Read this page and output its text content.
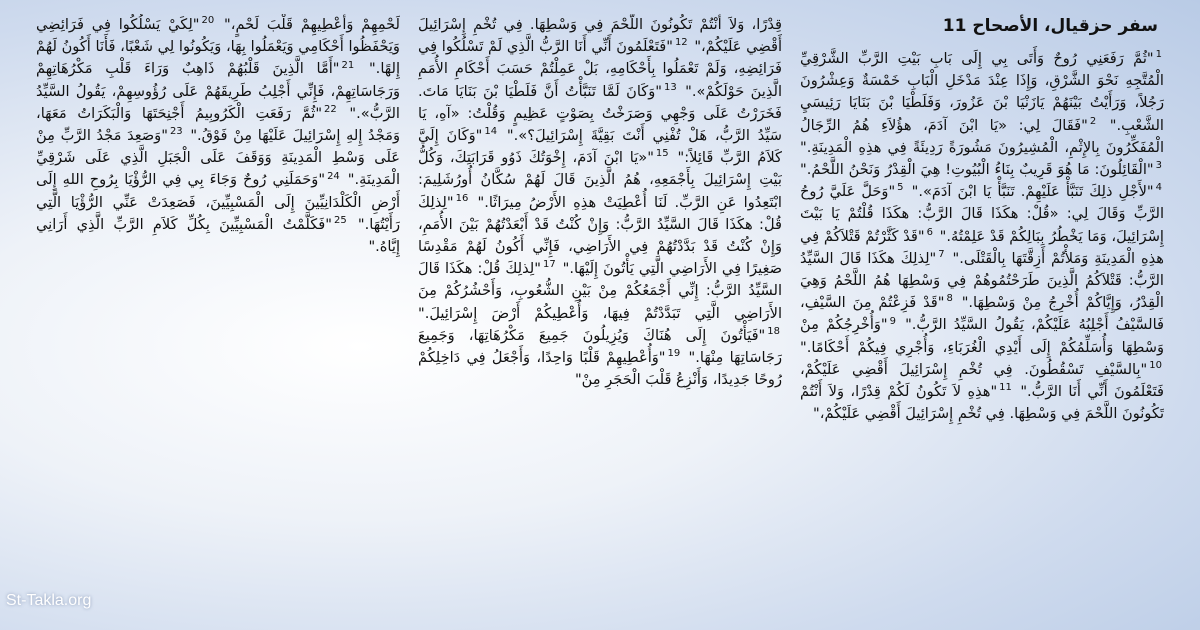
لَحْمِهِمْ وَأُعْطِيهِمْ قَلْبَ لَحْمٍ،" $^{20}$"لِكَيْ يَسْلُكُوا فِي فَرَائِضِي وَيَحْفَظُوا أَحْكَامِي وَيَعْمَلُوا بِهَا، وَيَكُونُوا لِي شَعْبًا، فَأَنَا أَكُونُ لَهُمْ إِلهًا." $^{21}$"أَمَّا الَّذِينَ قَلْبُهُمْ ذَاهِبٌ وَرَاءَ قَلْبِ مَكْرُهَاتِهِمْ وَرَجَاسَاتِهِمْ، فَإِنِّي أَجْلِبُ طَرِيقَهُمْ عَلَى رُؤُوسِهِمْ، يَقُولُ السَّيِّدُ الرَّبُّ»." $^{22}$"ثُمَّ رَفَعَتِ الْكَرُوبِيمُ أَجْنِحَتَهَا وَالْبَكَرَاتُ مَعَهَا، وَمَجْدُ إِلهِ إِسْرَائِيلَ عَلَيْهَا مِنْ فَوْقُ." $^{23}$"وَصَعِدَ مَجْدُ الرَّبِّ مِنْ عَلَى وَسْطِ الْمَدِينَةِ وَوَقَفَ عَلَى الْجَبَلِ الَّذِي عَلَى شَرْقِيِّ الْمَدِينَةِ." $^{24}$"وَحَمَلَنِي رُوحٌ وَجَاءَ بِي فِي الرُّؤْيَا بِرُوحِ اللهِ إِلَى أَرْضِ الْكَلْدَانِيِّينَ إِلَى الْمَسْبِيِّينَ، فَصَعِدَتْ عَنِّي الرُّؤْيَا الَّتِي رَأَيْتُهَا." $^{25}$"فَكَلَّمْتُ الْمَسْبِيِّينَ بِكُلِّ كَلاَمِ الرَّبِّ الَّذِي أَرَانِي إِيَّاهُ."
قِدْرًا، وَلاَ أَنْتُمْ تَكُونُونَ اللَّحْمَ فِي وَسْطِهَا. فِي تُخْمِ إِسْرَائِيلَ أَقْضِي عَلَيْكُمْ،" $^{12}$"فَتَعْلَمُونَ أَنِّي أَنَا الرَّبُّ الَّذِي لَمْ تَسْلُكُوا فِي فَرَائِضِهِ، وَلَمْ تَعْمَلُوا بِأَحْكَامِهِ، بَلْ عَمِلْتُمْ حَسَبَ أَحْكَامِ الأُمَمِ الَّذِينَ حَوْلَكُمْ»." $^{13}$"وَكَانَ لَمَّا تَنَبَّأْتُ أَنَّ فَلَطْيَا بْنَ بَنَايَا مَاتَ. فَخَرَرْتُ عَلَى وَجْهِي وَصَرَخْتُ بِصَوْتٍ عَظِيمٍ وَقُلْتُ: «آهِ، يَا سَيِّدُ الرَّبُّ، هَلْ تُفْنِي أَنْتَ بَقِيَّةَ إِسْرَائِيلَ؟»." $^{14}$"وَكَانَ إِلَيَّ كَلاَمُ الرَّبِّ قَائِلاً:" $^{15}$"«يَا ابْنَ آدَمَ، إِخْوَتُكَ ذَوُو قَرَابَتِكَ، وَكُلُّ بَيْتِ إِسْرَائِيلَ بِأَجْمَعِهِ، هُمُ الَّذِينَ قَالَ لَهُمْ سُكَّانُ أُورُشَلِيمَ: ابْتَعِدُوا عَنِ الرَّبِّ. لَنَا أُعْطِيَتْ هذِهِ الأَرْضُ مِيرَاثًا." $^{16}$"لِذلِكَ قُلْ: هكَذَا قَالَ السَّيِّدُ الرَّبُّ: وَإِنْ كُنْتُ قَدْ أَبْعَدْتُهُمْ بَيْنَ الأُمَمِ، وَإِنْ كُنْتُ قَدْ بَدَّدْتُهُمْ فِي الأَرَاضِي، فَإِنِّي أَكُونُ لَهُمْ مَقْدِسًا صَغِيرًا فِي الأَرَاضِي الَّتِي يَأْتُونَ إِلَيْهَا." $^{17}$"لِذلِكَ قُلْ: هكَذَا قَالَ السَّيِّدُ الرَّبُّ: إِنِّي أَجْمَعُكُمْ مِنْ بَيْنِ الشُّعُوبِ، وَأَحْشُرُكُمْ مِنَ الأَرَاضِي الَّتِي تَبَدَّدْتُمْ فِيهَا، وَأُعْطِيكُمْ أَرْضَ إِسْرَائِيلَ." $^{18}$"فَيَأْتُونَ إِلَى هُنَاكَ وَيُزِيلُونَ جَمِيعَ مَكْرُهَاتِهَا، وَجَمِيعَ رَجَاسَاتِهَا مِنْهَا." $^{19}$"وَأُعْطِيهِمْ قَلْبًا وَاحِدًا، وَأَجْعَلُ فِي دَاخِلِكُمْ رُوحًا جَدِيدًا، وَأَنْزِعُ قَلْبَ الْحَجَرِ مِنْ"
سفر حزقيال، الأصحاح 11
$^1$"ثُمَّ رَفَعَنِي رُوحٌ وَأَتَى بِي إِلَى بَابِ بَيْتِ الرَّبِّ الشَّرْقِيِّ الْمُتَّجِهِ نَحْوَ الشَّرْقِ، وَإِذَا عِنْدَ مَدْخَلِ الْبَابِ خَمْسَةٌ وَعِشْرُونَ رَجُلاً، وَرَأَيْتُ بَيْنَهُمْ يَازَنْيَا بْنَ عَزُورَ، وَفَلَطْيَا بْنَ بَنَايَا رَئِيسَيِ الشَّعْبِ." $^2$"فَقَالَ لِي: «يَا ابْنَ آدَمَ، هؤُلاَءِ هُمُ الرِّجَالُ الْمُفَكِّرُونَ بِالإِثْمِ، الْمُشِيرُونَ مَشُورَةً رَدِيئَةً فِي هذِهِ الْمَدِينَةِ." $^3$"الْقَائِلُونَ: مَا هُوَ قَرِيبٌ بِنَاءُ الْبُيُوتِ! هِيَ الْقِدْرُ وَنَحْنُ اللَّحْمُ." $^4$"لأَجْلِ ذلِكَ تَنَبَّأْ عَلَيْهِمْ. تَنَبَّأْ يَا ابْنَ آدَمَ»." $^5$"وَحَلَّ عَلَيَّ رُوحُ الرَّبِّ وَقَالَ لِي: «قُلْ: هكَذَا قَالَ الرَّبُّ: هكَذَا قُلْتُمْ يَا بَيْتَ إِسْرَائِيلَ، وَمَا يَخْطُرُ بِبَالِكُمْ قَدْ عَلِمْتُهُ." $^6$"قَدْ كَثَّرْتُمْ قَتْلاَكُمْ فِي هذِهِ الْمَدِينَةِ وَمَلأْتُمْ أَزِقَّتَهَا بِالْقَتْلَى." $^7$"لِذلِكَ هكَذَا قَالَ السَّيِّدُ الرَّبُّ: قَتْلاَكُمُ الَّذِينَ طَرَحْتُمُوهُمْ فِي وَسْطِهَا هُمُ اللَّحْمُ وَهِيَ الْقِدْرُ، وَإِيَّاكُمْ أُخْرِجُ مِنْ وَسْطِهَا." $^8$"قَدْ فَزِعْتُمْ مِنَ السَّيْفِ، فَالسَّيْفُ أَجْلِبُهُ عَلَيْكُمْ، يَقُولُ السَّيِّدُ الرَّبُّ." $^9$"وَأُخْرِجُكُمْ مِنْ وَسْطِهَا وَأُسَلِّمُكُمْ إِلَى أَيْدِي الْغُرَبَاءِ، وَأُجْرِي فِيكُمْ أَحْكَامًا." $^{10}$"بِالسَّيْفِ تَسْقُطُونَ. فِي تُخْمِ إِسْرَائِيلَ أَقْضِي عَلَيْكُمْ، فَتَعْلَمُونَ أَنِّي أَنَا الرَّبُّ." $^{11}$"هذِهِ لاَ تَكُونُ لَكُمْ قِدْرًا، وَلاَ أَنْتُمْ تَكُونُونَ اللَّحْمَ فِي وَسْطِهَا. فِي تُخْمِ إِسْرَائِيلَ أَقْضِي عَلَيْكُمْ،"
St-Takla.org
